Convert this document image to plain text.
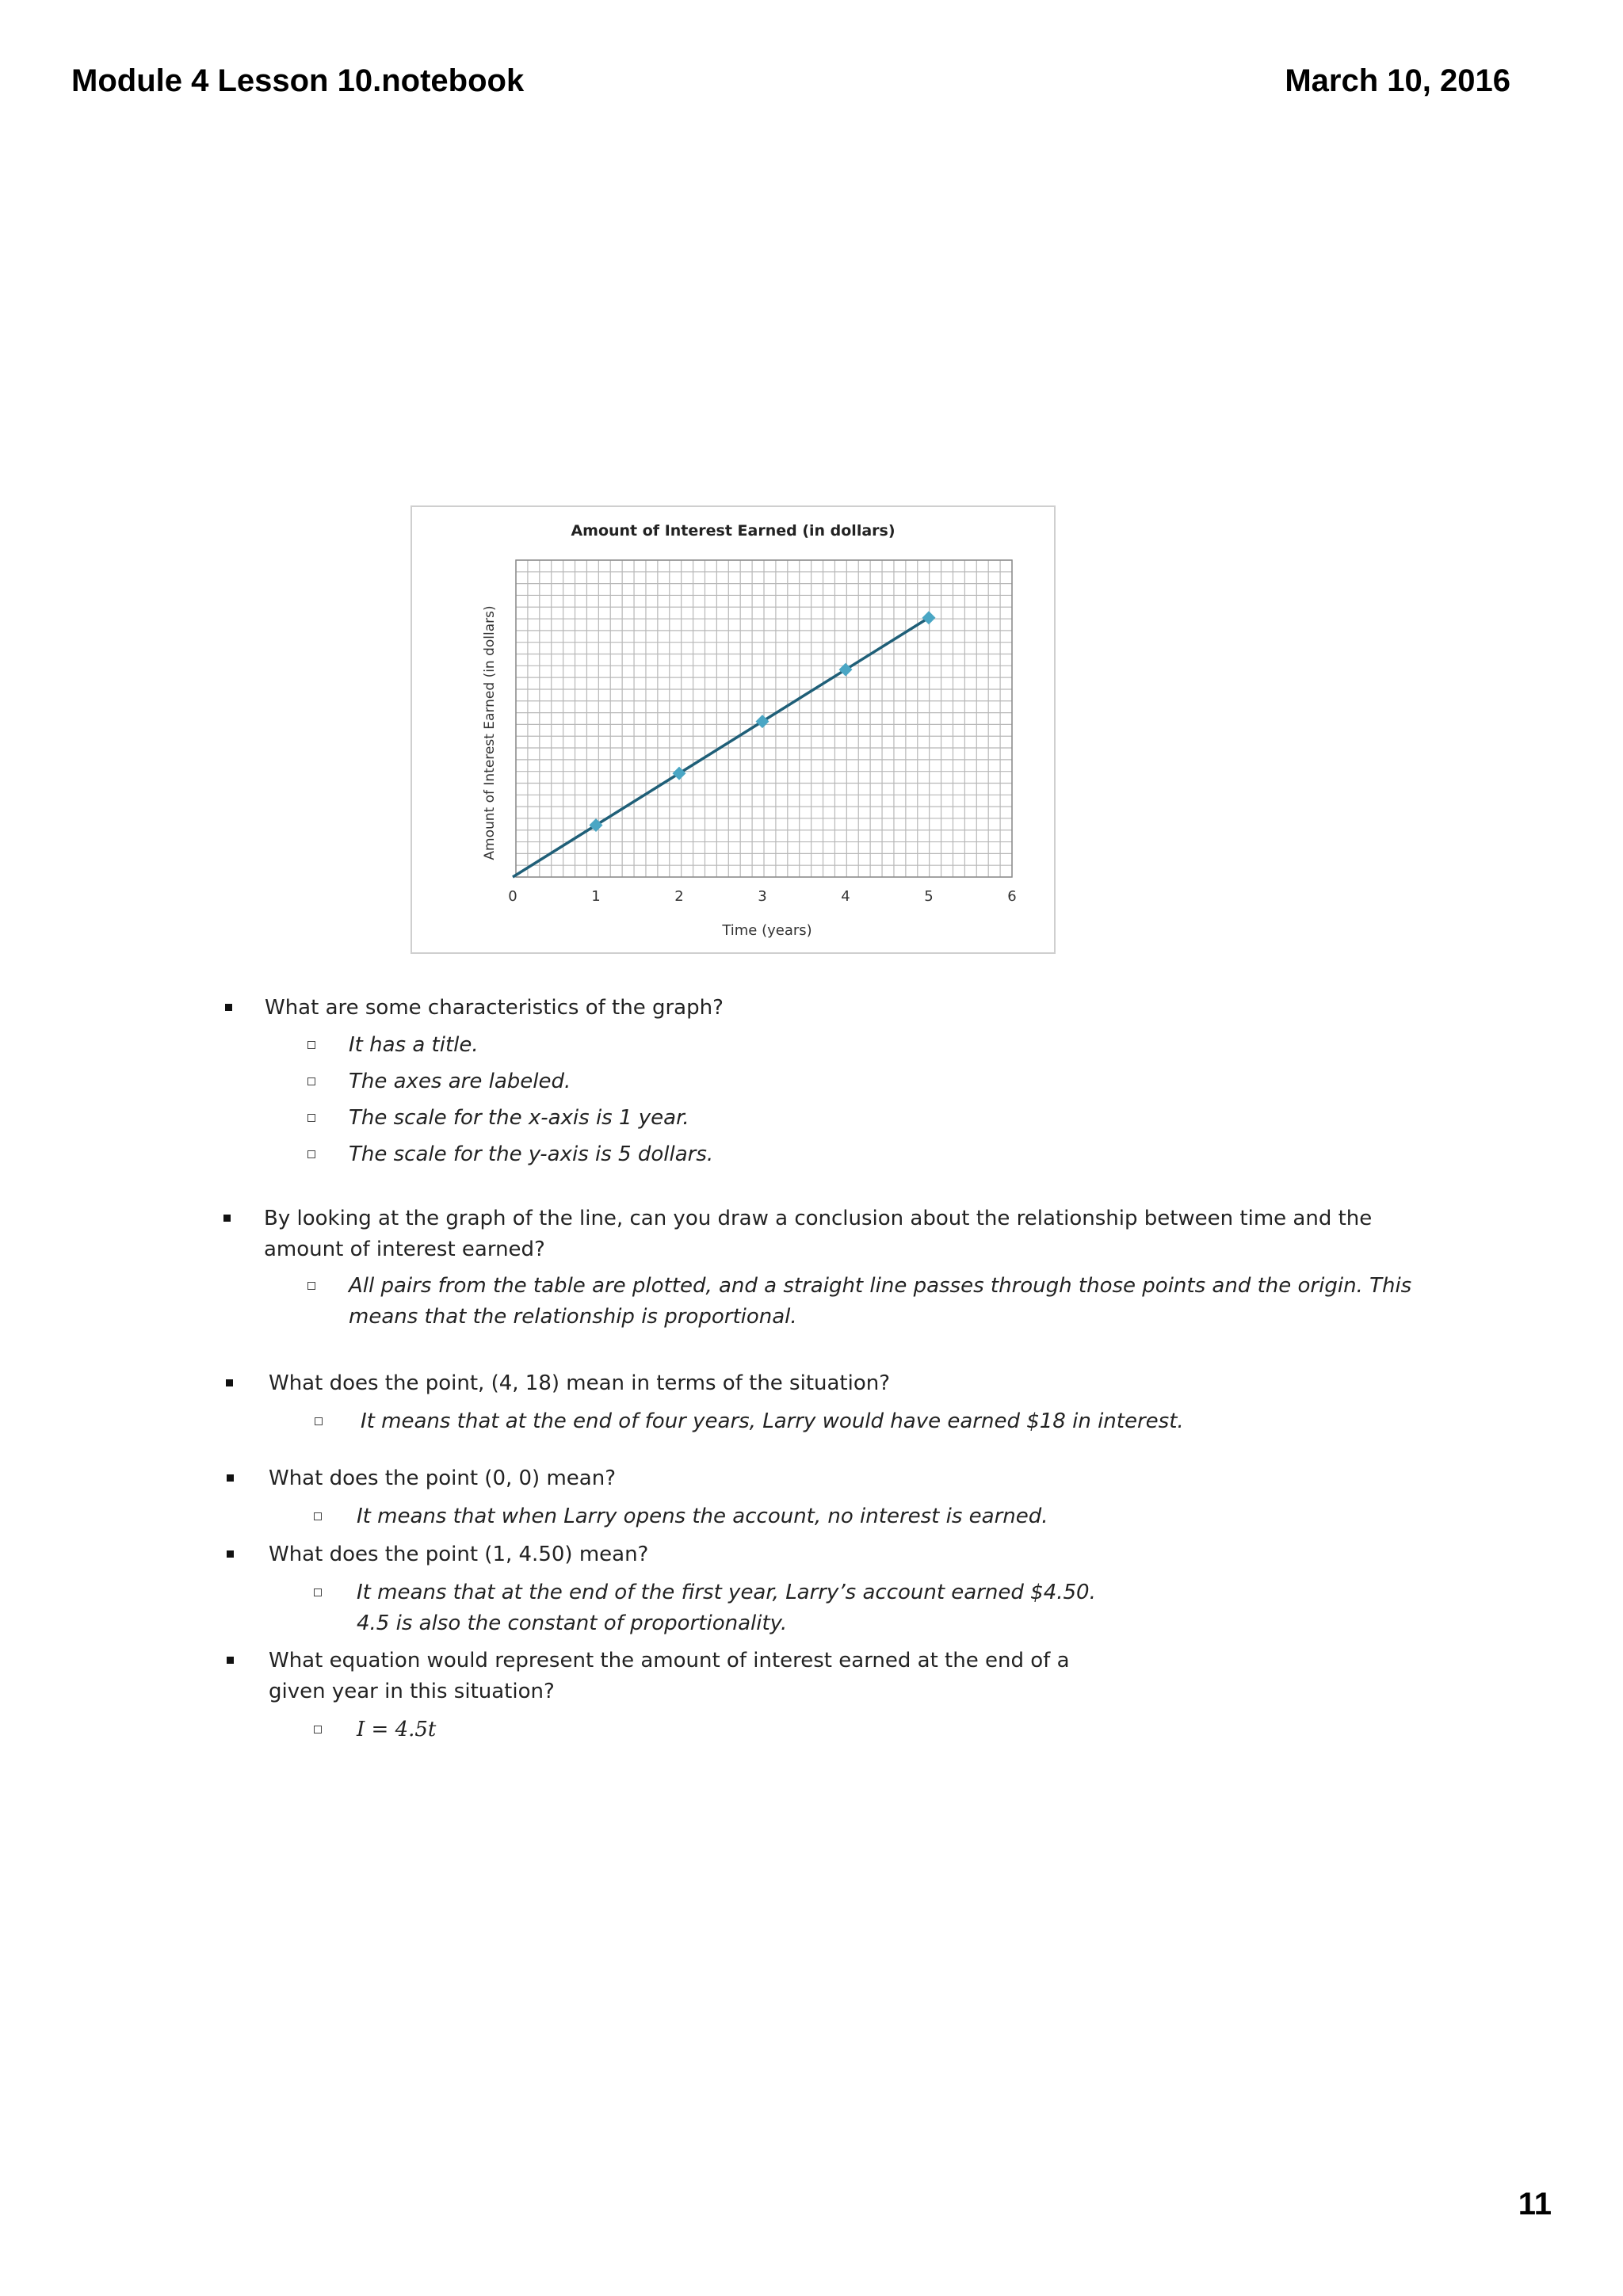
Module 4 Lesson 10.notebook	March 10, 2016
Amount of Interest Earned (in dollars)
0	1	2	3	4	5	6
Time (years)
Amount of Interest Earned (in dollars)
What are some characteristics of the graph?
It has a title.
The axes are labeled.
The scale for the x-axis is 1 year.
The scale for the y-axis is 5 dollars.
By looking at the graph of the line, can you draw a conclusion about the relationship between time and the
amount of interest earned?
All pairs from the table are plotted, and a straight line passes through those points and the origin. This
means that the relationship is proportional.
What does the point, (4, 18) mean in terms of the situation?
It means that at the end of four years, Larry would have earned $18 in interest.
What does the point (0, 0) mean?
It means that when Larry opens the account, no interest is earned.
What does the point (1, 4.50) mean?
It means that at the end of the first year, Larry’s account earned $4.50.
4.5 is also the constant of proportionality.
What equation would represent the amount of interest earned at the end of a
given year in this situation?
I = 4.5t
11
